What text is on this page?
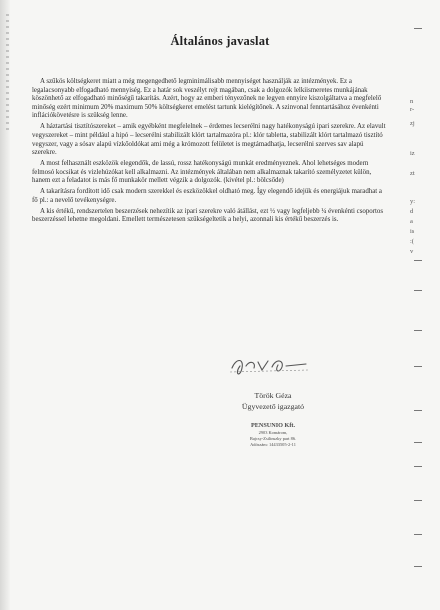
Általános javaslat

A szűkös költségkeret miatt a még megengedhető legminimálisabb mennyiséget használják az intézmények. Ez a legalacsonyabb elfogadható mennyiség. Ez a határ sok veszélyt rejt magában, csak a dolgozók lelkiismeretes munkájának köszönhető az elfogadható minőségű takarítás. Azért, hogy az emberi tényezőnek ne legyen ennyire kiszolgáltatva a megfelelő minőség ezért minimum 20% maximum 50% költségkeret emelést tartunk kielégítőnek. A szinvonal fenntartásához évenkénti inflációkövetésre is szükség lenne.

A háztartási tisztítószereket – amik egyébként megfelelnek – érdemes lecserélni nagy hatékonyságú ipari szerekre. Az elavult vegyszereket – mint például a hipó – lecserélni stabilizált klórt tartalmazóra pl.: klór tabletta, stabilizált klórt tartalmazó tisztító vegyszer, vagy a sósav alapú vízkőoldókat ami még a krómozott felületet is megtámadhatja, lecserélni szerves sav alapú szerekre.

A most felhasznált eszközök elegendők, de lassú, rossz hatékonyságú munkát eredményeznek. Ahol lehetséges modern felmosó kocsikat és vizlehúzókat kell alkalmazni. Az intézmények általában nem alkalmaznak takarító személyzetet külön, hanem ezt a feladatot is más fő munkakör mellett végzik a dolgozók. (kivétel pl.: bölcsőde)

A takarításra fordított idő csak modern szerekkel és eszközökkel oldható meg. Így elegendő idejük és energiájuk maradhat a fő pl.: a nevelő tevékenységre.

A kis értékű, rendszertelen beszerzések nehezítik az ipari szerekre való átállást, ezt ½ vagy legfeljebb ¼ évenkénti csoportos beszerzéssel lehetne megoldani. Emellett természetesen szükségeltetik a helyi, azonnali kis értékű beszerzés is.

Török Géza
Ügyvezető igazgató
PENSUNIO Kft.
2903 Komárom,
Bajcsy-Zsilinszky part 86.
Adószám: 14433505-2-11
n
r-
zj
iz
zt
y:
d
a
is
:(
v
